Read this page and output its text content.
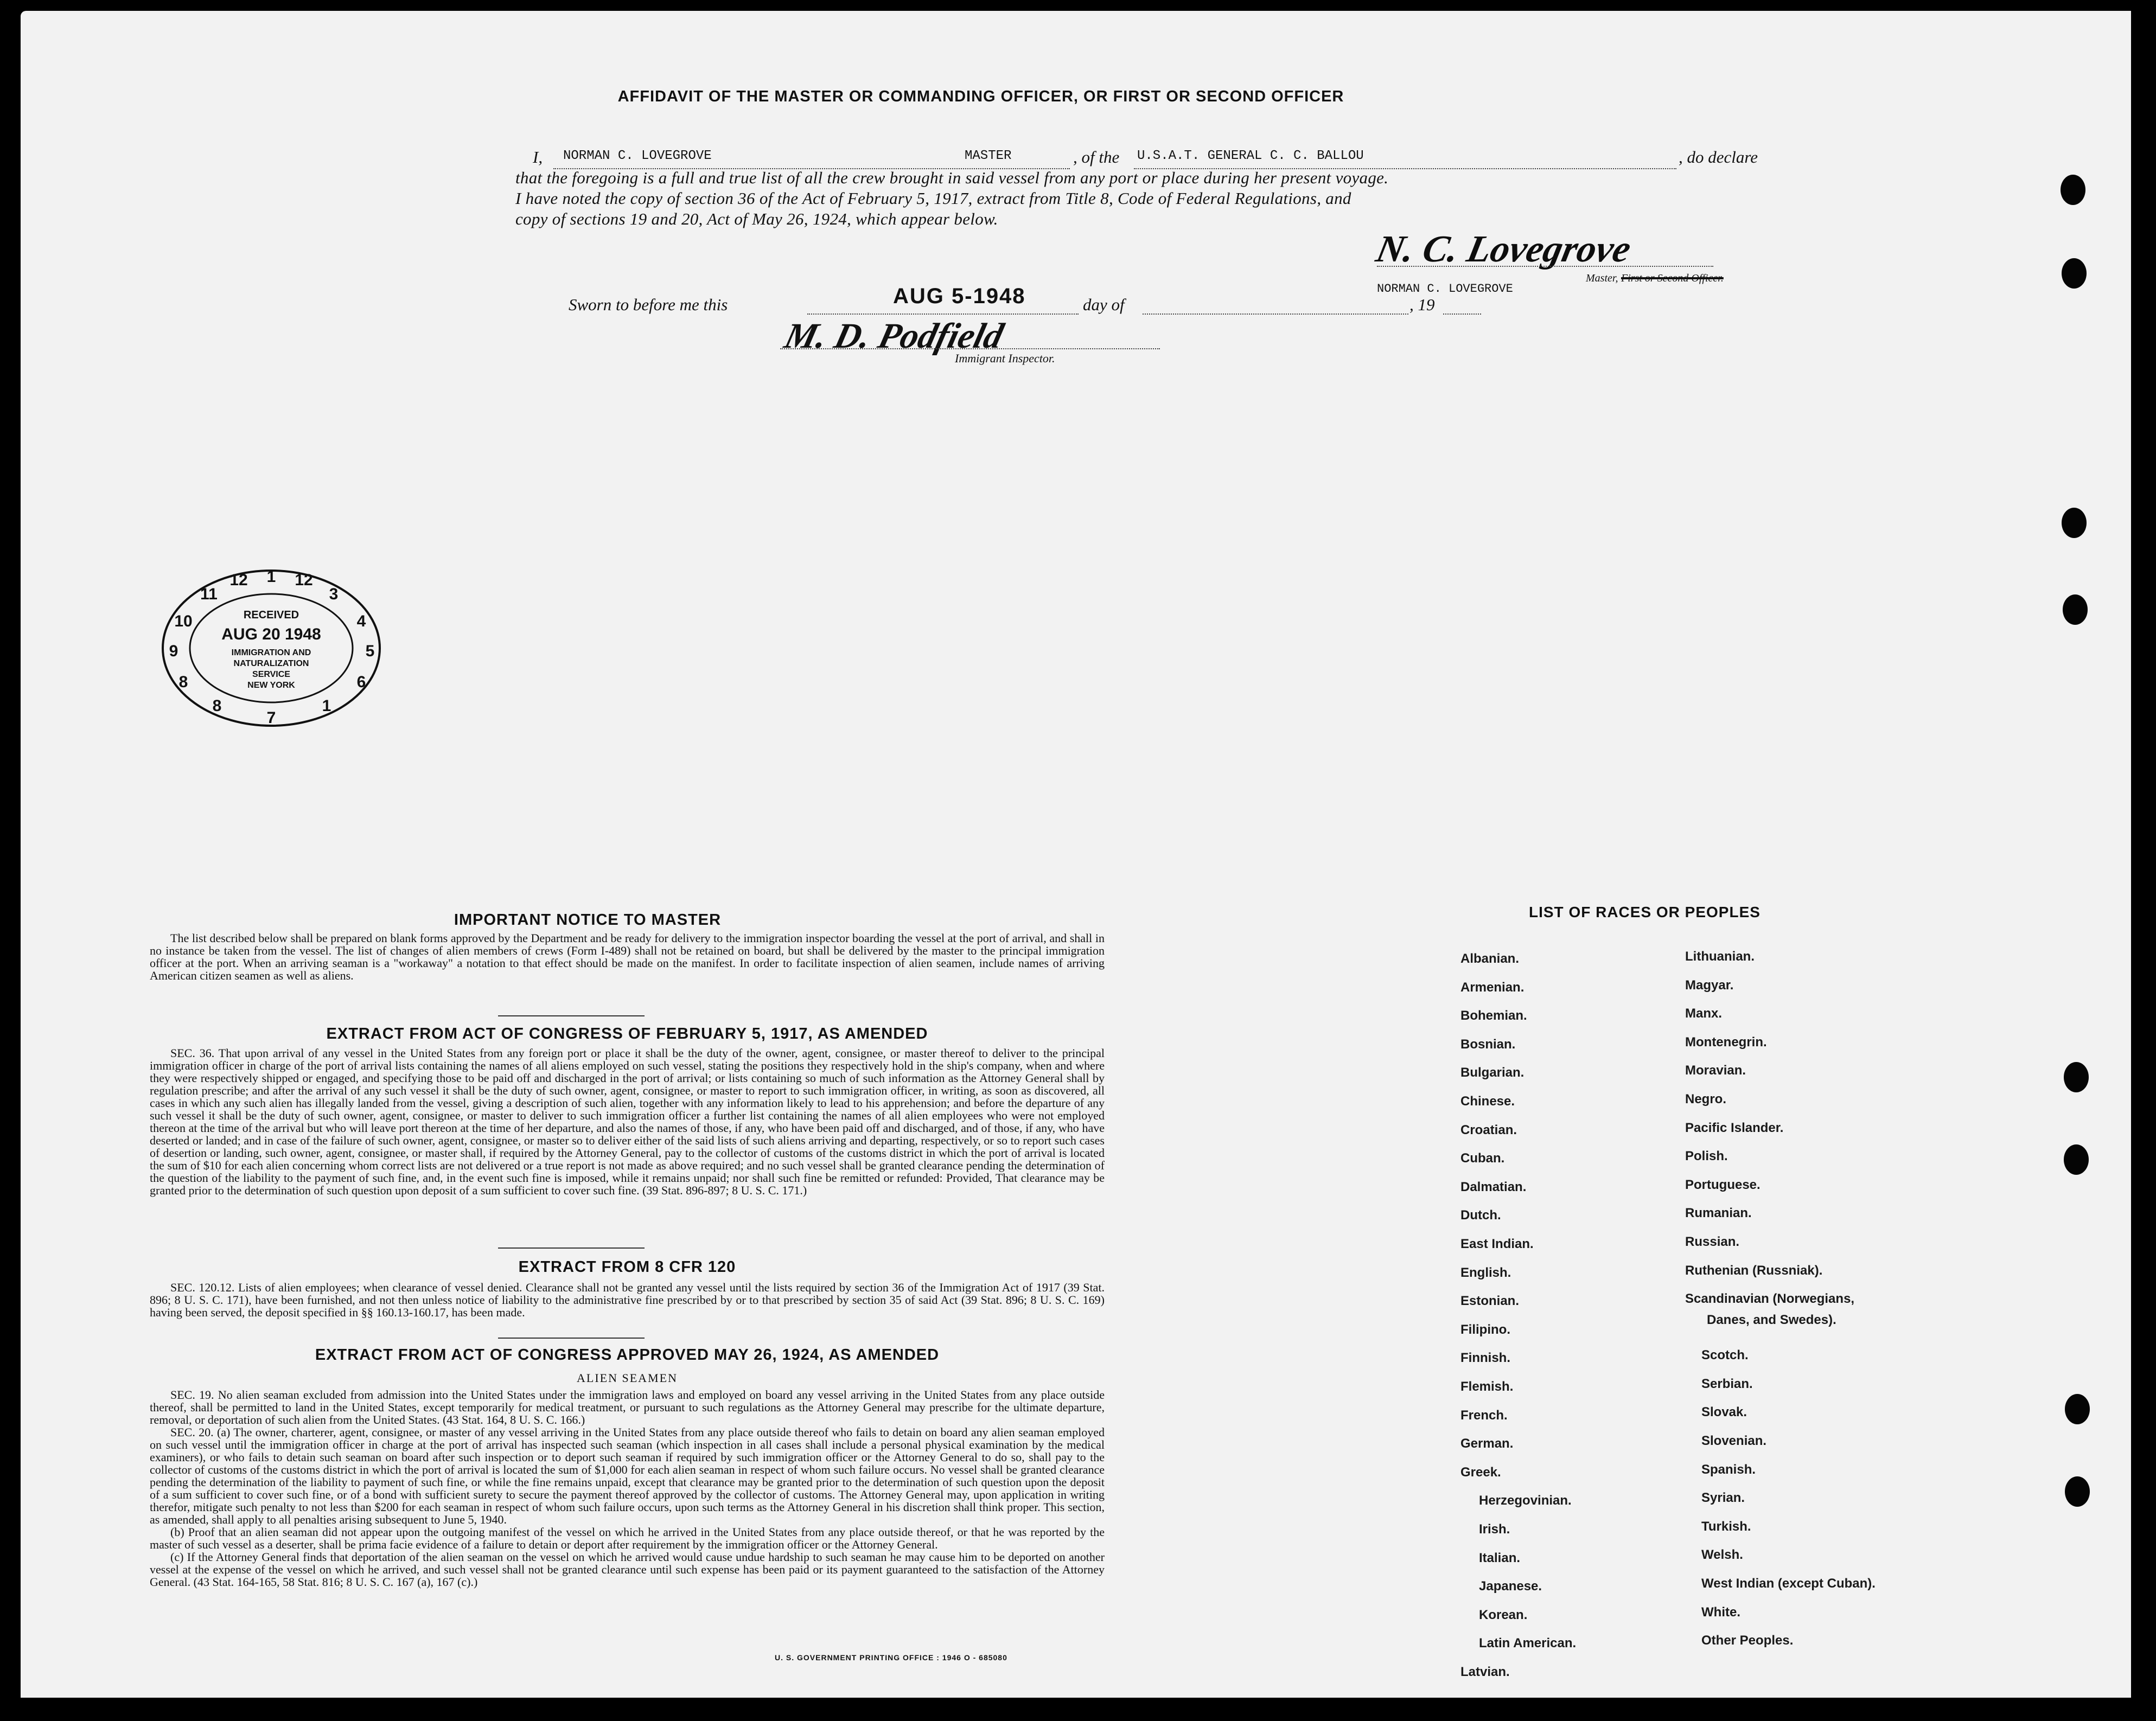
AFFIDAVIT OF THE MASTER OR COMMANDING OFFICER, OR FIRST OR SECOND OFFICER
I, NORMAN C. LOVEGROVE	MASTER	, of the U.S.A.T. GENERAL C. C. BALLOU	, do declare
that the foregoing is a full and true list of all the crew brought in said vessel from any port or place during her present voyage.
I have noted the copy of section 36 of the Act of February 5, 1917, extract from Title 8, Code of Federal Regulations, and
copy of sections 19 and 20, Act of May 26, 1924, which appear below.
N. C. Lovegrove
Master, First or Second Officer.
NORMAN C. LOVEGROVE
Sworn to before me this	AUG 5-1948	day of	, 19
M. D. Podfield
Immigrant Inspector.
1
12	12
11	3
10	4
9	5
8	6
8	1
7
RECEIVED
AUG 20 1948
IMMIGRATION AND
NATURALIZATION
SERVICE
NEW YORK
IMPORTANT NOTICE TO MASTER

The list described below shall be prepared on blank forms approved by the Department and be ready for delivery to the immigration inspector boarding the vessel at the port of arrival, and shall in no instance be taken from the vessel. The list of changes of alien members of crews (Form I-489) shall not be retained on board, but shall be delivered by the master to the principal immigration officer at the port. When an arriving seaman is a "workaway" a notation to that effect should be made on the manifest. In order to facilitate inspection of alien seamen, include names of arriving American citizen seamen as well as aliens.

EXTRACT FROM ACT OF CONGRESS OF FEBRUARY 5, 1917, AS AMENDED

SEC. 36. That upon arrival of any vessel in the United States from any foreign port or place it shall be the duty of the owner, agent, consignee, or master thereof to deliver to the principal immigration officer in charge of the port of arrival lists containing the names of all aliens employed on such vessel, stating the positions they respectively hold in the ship's company, when and where they were respectively shipped or engaged, and specifying those to be paid off and discharged in the port of arrival; or lists containing so much of such information as the Attorney General shall by regulation prescribe; and after the arrival of any such vessel it shall be the duty of such owner, agent, consignee, or master to report to such immigration officer, in writing, as soon as discovered, all cases in which any such alien has illegally landed from the vessel, giving a description of such alien, together with any information likely to lead to his apprehension; and before the departure of any such vessel it shall be the duty of such owner, agent, consignee, or master to deliver to such immigration officer a further list containing the names of all alien employees who were not employed thereon at the time of the arrival but who will leave port thereon at the time of her departure, and also the names of those, if any, who have been paid off and discharged, and of those, if any, who have deserted or landed; and in case of the failure of such owner, agent, consignee, or master so to deliver either of the said lists of such aliens arriving and departing, respectively, or so to report such cases of desertion or landing, such owner, agent, consignee, or master shall, if required by the Attorney General, pay to the collector of customs of the customs district in which the port of arrival is located the sum of $10 for each alien concerning whom correct lists are not delivered or a true report is not made as above required; and no such vessel shall be granted clearance pending the determination of the question of the liability to the payment of such fine, and, in the event such fine is imposed, while it remains unpaid; nor shall such fine be remitted or refunded: Provided, That clearance may be granted prior to the determination of such question upon deposit of a sum sufficient to cover such fine. (39 Stat. 896-897; 8 U. S. C. 171.)

EXTRACT FROM 8 CFR 120

SEC. 120.12. Lists of alien employees; when clearance of vessel denied. Clearance shall not be granted any vessel until the lists required by section 36 of the Immigration Act of 1917 (39 Stat. 896; 8 U. S. C. 171), have been furnished, and not then unless notice of liability to the administrative fine prescribed by or to that prescribed by section 35 of said Act (39 Stat. 896; 8 U. S. C. 169) having been served, the deposit specified in §§ 160.13-160.17, has been made.

EXTRACT FROM ACT OF CONGRESS APPROVED MAY 26, 1924, AS AMENDED
ALIEN SEAMEN

SEC. 19. No alien seaman excluded from admission into the United States under the immigration laws and employed on board any vessel arriving in the United States from any place outside thereof, shall be permitted to land in the United States, except temporarily for medical treatment, or pursuant to such regulations as the Attorney General may prescribe for the ultimate departure, removal, or deportation of such alien from the United States. (43 Stat. 164, 8 U. S. C. 166.)

SEC. 20. (a) The owner, charterer, agent, consignee, or master of any vessel arriving in the United States from any place outside thereof who fails to detain on board any alien seaman employed on such vessel until the immigration officer in charge at the port of arrival has inspected such seaman (which inspection in all cases shall include a personal physical examination by the medical examiners), or who fails to detain such seaman on board after such inspection or to deport such seaman if required by such immigration officer or the Attorney General to do so, shall pay to the collector of customs of the customs district in which the port of arrival is located the sum of $1,000 for each alien seaman in respect of whom such failure occurs. No vessel shall be granted clearance pending the determination of the liability to payment of such fine, or while the fine remains unpaid, except that clearance may be granted prior to the determination of such question upon the deposit of a sum sufficient to cover such fine, or of a bond with sufficient surety to secure the payment thereof approved by the collector of customs. The Attorney General may, upon application in writing therefor, mitigate such penalty to not less than $200 for each seaman in respect of whom such failure occurs, upon such terms as the Attorney General in his discretion shall think proper. This section, as amended, shall apply to all penalties arising subsequent to June 5, 1940.

(b) Proof that an alien seaman did not appear upon the outgoing manifest of the vessel on which he arrived in the United States from any place outside thereof, or that he was reported by the master of such vessel as a deserter, shall be prima facie evidence of a failure to detain or deport after requirement by the immigration officer or the Attorney General.

(c) If the Attorney General finds that deportation of the alien seaman on the vessel on which he arrived would cause undue hardship to such seaman he may cause him to be deported on another vessel at the expense of the vessel on which he arrived, and such vessel shall not be granted clearance until such expense has been paid or its payment guaranteed to the satisfaction of the Attorney General. (43 Stat. 164-165, 58 Stat. 816; 8 U. S. C. 167 (a), 167 (c).)

U. S. GOVERNMENT PRINTING OFFICE : 1946 O - 685080
LIST OF RACES OR PEOPLES
Danes, and Swedes).
Albanian.
Armenian.
Bohemian.
Bosnian.
Bulgarian.
Chinese.
Croatian.
Cuban.
Dalmatian.
Dutch.
East Indian.
English.
Estonian.
Filipino.
Finnish.
Flemish.
French.
German.
Greek.
Herzegovinian.
Irish.
Italian.
Japanese.
Korean.
Latin American.
Latvian.
Lithuanian.
Magyar.
Manx.
Montenegrin.
Moravian.
Negro.
Pacific Islander.
Polish.
Portuguese.
Rumanian.
Russian.
Ruthenian (Russniak).
Scandinavian (Norwegians,
Scotch.
Serbian.
Slovak.
Slovenian.
Spanish.
Syrian.
Turkish.
Welsh.
West Indian (except Cuban).
White.
Other Peoples.
